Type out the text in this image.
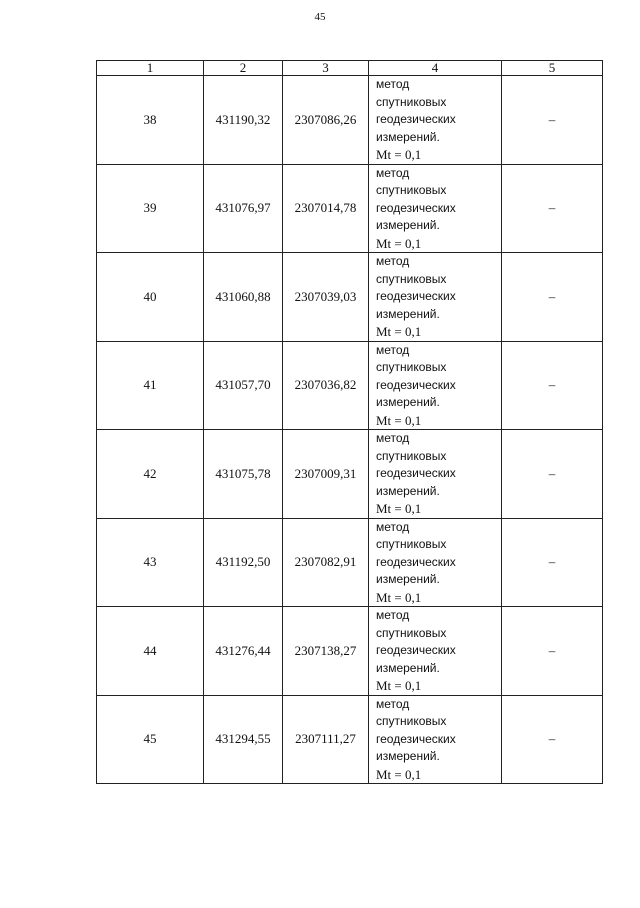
45
1	2	3	4	5
38	431190,32	2307086,26	метод
спутниковых
геодезических
измерений.
Mt = 0,1	–
39	431076,97	2307014,78	метод
спутниковых
геодезических
измерений.
Mt = 0,1	–
40	431060,88	2307039,03	метод
спутниковых
геодезических
измерений.
Mt = 0,1	–
41	431057,70	2307036,82	метод
спутниковых
геодезических
измерений.
Mt = 0,1	–
42	431075,78	2307009,31	метод
спутниковых
геодезических
измерений.
Mt = 0,1	–
43	431192,50	2307082,91	метод
спутниковых
геодезических
измерений.
Mt = 0,1	–
44	431276,44	2307138,27	метод
спутниковых
геодезических
измерений.
Mt = 0,1	–
45	431294,55	2307111,27	метод
спутниковых
геодезических
измерений.
Mt = 0,1	–
